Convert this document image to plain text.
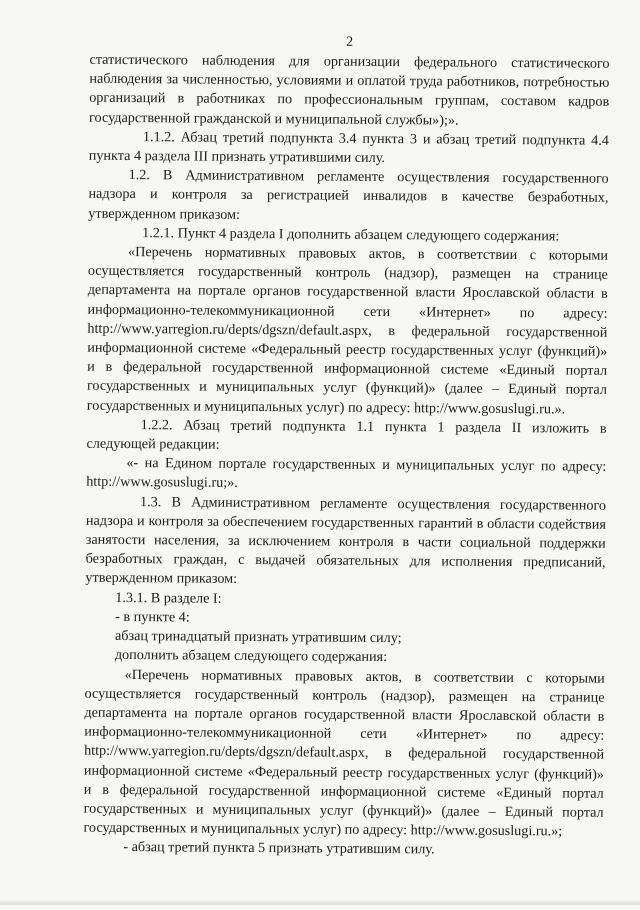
2

статистического наблюдения для организации федерального статистического наблюдения за численностью, условиями и оплатой труда работников, потребностью организаций в работниках по профессиональным группам, составом кадров государственной гражданской и муниципальной службы»);».

1.1.2. Абзац третий подпункта 3.4 пункта 3 и абзац третий подпункта 4.4 пункта 4 раздела III признать утратившими силу.

1.2. В Административном регламенте осуществления государственного надзора и контроля за регистрацией инвалидов в качестве безработных, утвержденном приказом:

1.2.1. Пункт 4 раздела I дополнить абзацем следующего содержания:

«Перечень нормативных правовых актов, в соответствии с которыми осуществляется государственный контроль (надзор), размещен на странице департамента на портале органов государственной власти Ярославской области в информационно-телекоммуникационной сети «Интернет» по адресу: http://www.yarregion.ru/depts/dgszn/default.aspx, в федеральной государственной информационной системе «Федеральный реестр государственных услуг (функций)» и в федеральной государственной информационной системе «Единый портал государственных и муниципальных услуг (функций)» (далее – Единый портал государственных и муниципальных услуг) по адресу: http://www.gosuslugi.ru.».

1.2.2. Абзац третий подпункта 1.1 пункта 1 раздела II изложить в следующей редакции:

«- на Едином портале государственных и муниципальных услуг по адресу: http://www.gosuslugi.ru;».

1.3. В Административном регламенте осуществления государственного надзора и контроля за обеспечением государственных гарантий в области содействия занятости населения, за исключением контроля в части социальной поддержки безработных граждан, с выдачей обязательных для исполнения предписаний, утвержденном приказом:

1.3.1. В разделе I:

- в пункте 4:

абзац тринадцатый признать утратившим силу;

дополнить абзацем следующего содержания:

«Перечень нормативных правовых актов, в соответствии с которыми осуществляется государственный контроль (надзор), размещен на странице департамента на портале органов государственной власти Ярославской области в информационно-телекоммуникационной сети «Интернет» по адресу: http://www.yarregion.ru/depts/dgszn/default.aspx, в федеральной государственной информационной системе «Федеральный реестр государственных услуг (функций)» и в федеральной государственной информационной системе «Единый портал государственных и муниципальных услуг (функций)» (далее – Единый портал государственных и муниципальных услуг) по адресу: http://www.gosuslugi.ru.»;

- абзац третий пункта 5 признать утратившим силу.
